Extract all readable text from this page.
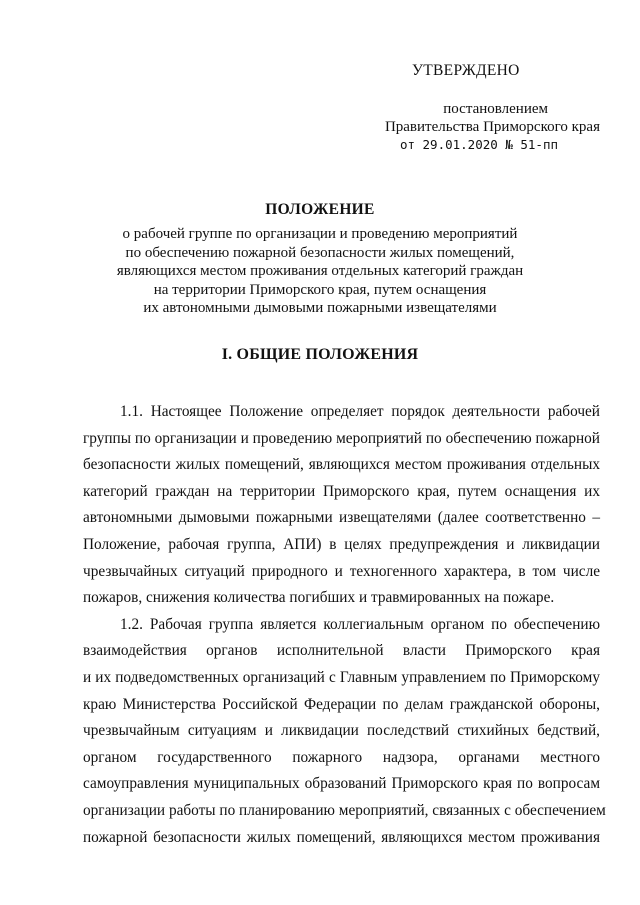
УТВЕРЖДЕНО
постановлением
Правительства Приморского края
от 29.01.2020 № 51-пп
ПОЛОЖЕНИЕ
о рабочей группе по организации и проведению мероприятий
по обеспечению пожарной безопасности жилых помещений,
являющихся местом проживания отдельных категорий граждан
на территории Приморского края, путем оснащения
их автономными дымовыми пожарными извещателями
I. ОБЩИЕ ПОЛОЖЕНИЯ
1.1. Настоящее Положение определяет порядок деятельности рабочей
группы по организации и проведению мероприятий по обеспечению пожарной
безопасности жилых помещений, являющихся местом проживания отдельных
категорий граждан на территории Приморского края, путем оснащения их
автономными дымовыми пожарными извещателями (далее соответственно –
Положение, рабочая группа, АПИ) в целях предупреждения и ликвидации
чрезвычайных ситуаций природного и техногенного характера, в том числе
пожаров, снижения количества погибших и травмированных на пожаре.
1.2. Рабочая группа является коллегиальным органом по обеспечению
взаимодействия органов исполнительной власти Приморского края
и их подведомственных организаций с Главным управлением по Приморскому
краю Министерства Российской Федерации по делам гражданской обороны,
чрезвычайным ситуациям и ликвидации последствий стихийных бедствий,
органом государственного пожарного надзора, органами местного
самоуправления муниципальных образований Приморского края по вопросам
организации работы по планированию мероприятий, связанных с обеспечением
пожарной безопасности жилых помещений, являющихся местом проживания
